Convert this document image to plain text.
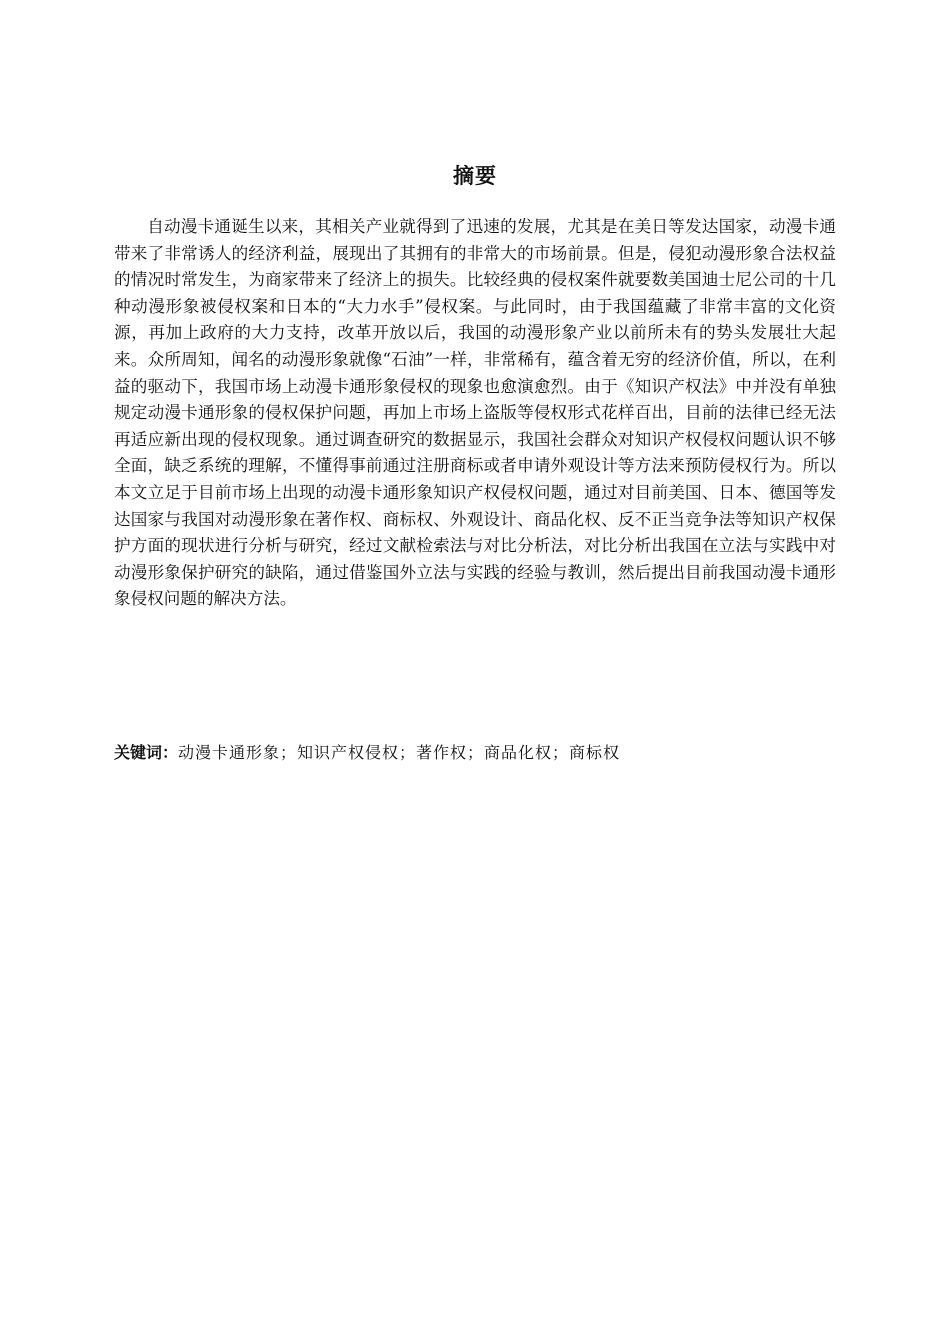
摘要

自动漫卡通诞生以来，其相关产业就得到了迅速的发展，尤其是在美日等发达国家，动漫卡通带来了非常诱人的经济利益，展现出了其拥有的非常大的市场前景。但是，侵犯动漫形象合法权益的情况时常发生，为商家带来了经济上的损失。比较经典的侵权案件就要数美国迪士尼公司的十几种动漫形象被侵权案和日本的“大力水手”侵权案。与此同时，由于我国蕴藏了非常丰富的文化资源，再加上政府的大力支持，改革开放以后，我国的动漫形象产业以前所未有的势头发展壮大起来。众所周知，闻名的动漫形象就像“石油”一样，非常稀有，蕴含着无穷的经济价值，所以，在利益的驱动下，我国市场上动漫卡通形象侵权的现象也愈演愈烈。由于《知识产权法》中并没有单独规定动漫卡通形象的侵权保护问题，再加上市场上盗版等侵权形式花样百出，目前的法律已经无法再适应新出现的侵权现象。通过调查研究的数据显示，我国社会群众对知识产权侵权问题认识不够全面，缺乏系统的理解，不懂得事前通过注册商标或者申请外观设计等方法来预防侵权行为。所以本文立足于目前市场上出现的动漫卡通形象知识产权侵权问题，通过对目前美国、日本、德国等发达国家与我国对动漫形象在著作权、商标权、外观设计、商品化权、反不正当竞争法等知识产权保护方面的现状进行分析与研究，经过文献检索法与对比分析法，对比分析出我国在立法与实践中对动漫形象保护研究的缺陷，通过借鉴国外立法与实践的经验与教训，然后提出目前我国动漫卡通形象侵权问题的解决方法。

关键词：动漫卡通形象；知识产权侵权；著作权；商品化权；商标权
